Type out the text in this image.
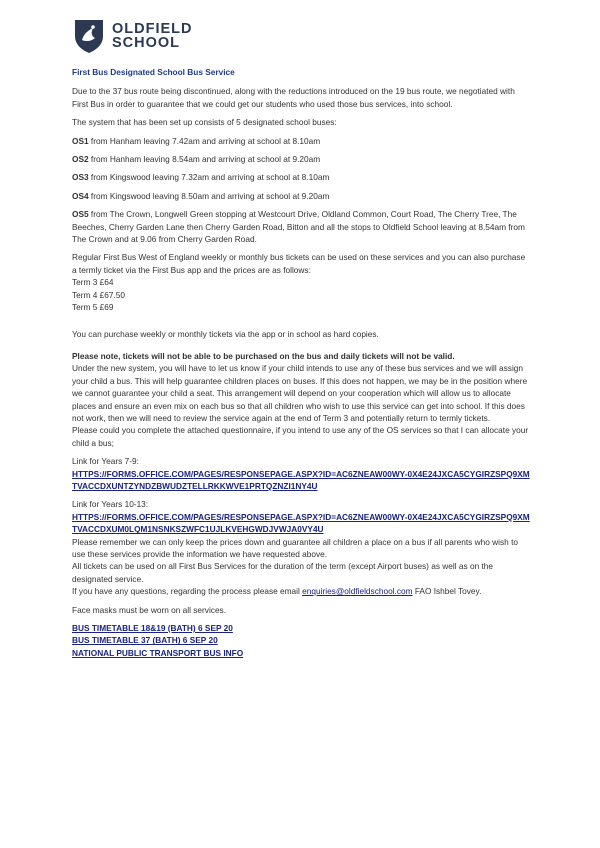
OLDFIELD
SCHOOL

First Bus Designated School Bus Service

Due to the 37 bus route being discontinued, along with the reductions introduced on the 19 bus route, we negotiated with First Bus in order to guarantee that we could get our students who used those bus services, into school.

The system that has been set up consists of 5 designated school buses:

OS1 from Hanham leaving 7.42am and arriving at school at 8.10am

OS2 from Hanham leaving 8.54am and arriving at school at 9.20am

OS3 from Kingswood leaving 7.32am and arriving at school at 8.10am

OS4 from Kingswood leaving 8.50am and arriving at school at 9.20am

OS5 from The Crown, Longwell Green stopping at Westcourt Drive, Oldland Common, Court Road, The Cherry Tree, The Beeches, Cherry Garden Lane then Cherry Garden Road, Bitton and all the stops to Oldfield School leaving at 8.54am from The Crown and at 9.06 from Cherry Garden Road.

Regular First Bus West of England weekly or monthly bus tickets can be used on these services and you can also purchase a termly ticket via the First Bus app and the prices are as follows:

Term 3 £64

Term 4 £67.50

Term 5 £69

You can purchase weekly or monthly tickets via the app or in school as hard copies.

Please note, tickets will not be able to be purchased on the bus and daily tickets will not be valid.

Under the new system, you will have to let us know if your child intends to use any of these bus services and we will assign your child a bus. This will help guarantee children places on buses. If this does not happen, we may be in the position where we cannot guarantee your child a seat. This arrangement will depend on your cooperation which will allow us to allocate places and ensure an even mix on each bus so that all children who wish to use this service can get into school. If this does not work, then we will need to review the service again at the end of Term 3 and potentially return to termly tickets.

Please could you complete the attached questionnaire, if you intend to use any of the OS services so that I can allocate your child a bus;

Link for Years 7-9:

HTTPS://FORMS.OFFICE.COM/PAGES/RESPONSEPAGE.ASPX?ID=AC6ZNEAW00WY-0X4E24JXCA5CYGIRZSPQ9XMTVACCDXUNTZYNDZBWUDZTELLRKKWVE1PRTQZNZI1NY4U

Link for Years 10-13:

HTTPS://FORMS.OFFICE.COM/PAGES/RESPONSEPAGE.ASPX?ID=AC6ZNEAW00WY-0X4E24JXCA5CYGIRZSPQ9XMTVACCDXUM0LQM1NSNKSZWFC1UJLKVEHGWDJVWJA0VY4U

Please remember we can only keep the prices down and guarantee all children a place on a bus if all parents who wish to use these services provide the information we have requested above.

All tickets can be used on all First Bus Services for the duration of the term (except Airport buses) as well as on the designated service.

If you have any questions, regarding the process please email enquiries@oldfieldschool.com FAO Ishbel Tovey.

Face masks must be worn on all services.

BUS TIMETABLE 18&19 (BATH) 6 SEP 20

BUS TIMETABLE 37 (BATH) 6 SEP 20

NATIONAL PUBLIC TRANSPORT BUS INFO
